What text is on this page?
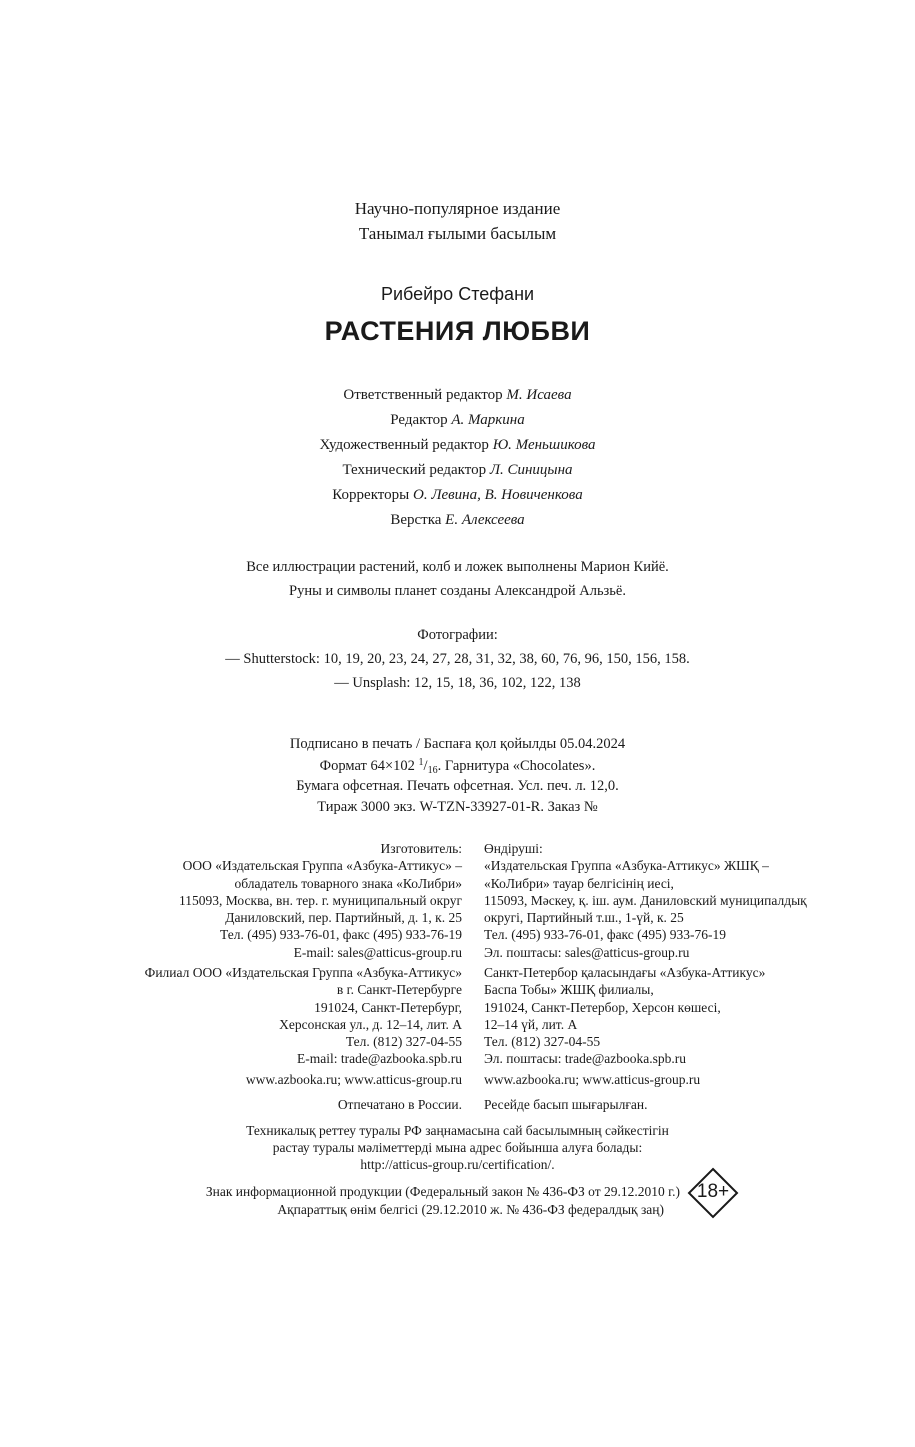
Научно-популярное издание
Танымал ғылыми басылым
Рибейро Стефани
РАСТЕНИЯ ЛЮБВИ
Ответственный редактор М. Исаева
Редактор А. Маркина
Художественный редактор Ю. Меньшикова
Технический редактор Л. Синицына
Корректоры О. Левина, В. Новиченкова
Верстка Е. Алексеева
Все иллюстрации растений, колб и ложек выполнены Марион Кийё.
Руны и символы планет созданы Александрой Альзьё.
Фотографии:
— Shutterstock: 10, 19, 20, 23, 24, 27, 28, 31, 32, 38, 60, 76, 96, 150, 156, 158.
— Unsplash: 12, 15, 18, 36, 102, 122, 138
Подписано в печать / Баспаға қол қойылды 05.04.2024
Формат 64×102 $^1/_{16}$. Гарнитура «Chocolates».
Бумага офсетная. Печать офсетная. Усл. печ. л. 12,0.
Тираж 3000 экз. W-TZN-33927-01-R. Заказ №
Изготовитель:
ООО «Издательская Группа «Азбука-Аттикус» –
обладатель товарного знака «КоЛибри»
115093, Москва, вн. тер. г. муниципальный округ
Даниловский, пер. Партийный, д. 1, к. 25
Тел. (495) 933-76-01, факс (495) 933-76-19
E-mail: sales@atticus-group.ru
Өндіруші:
«Издательская Группа «Азбука-Аттикус» ЖШҚ –
«КоЛибри» тауар белгісінің иесі,
115093, Мәскеу, қ. іш. аум. Даниловский муниципалдық
округі, Партийный т.ш., 1-үй, к. 25
Тел. (495) 933-76-01, факс (495) 933-76-19
Эл. поштасы: sales@atticus-group.ru
Филиал ООО «Издательская Группа «Азбука-Аттикус»
в г. Санкт-Петербурге
191024, Санкт-Петербург,
Херсонская ул., д. 12–14, лит. А
Тел. (812) 327-04-55
E-mail: trade@azbooka.spb.ru
Санкт-Петербор қаласындағы «Азбука-Аттикус»
Баспа Тобы» ЖШҚ филиалы,
191024, Санкт-Петербор, Херсон көшесі,
12–14 үй, лит. А
Тел. (812) 327-04-55
Эл. поштасы: trade@azbooka.spb.ru
www.azbooka.ru; www.atticus-group.ru www.azbooka.ru; www.atticus-group.ru
Отпечатано в России. Ресейде басып шығарылған.
Техникалық реттеу туралы РФ заңнамасына сай басылымның сәйкестігін
растау туралы мәліметтерді мына адрес бойынша алуға болады:
http://atticus-group.ru/certification/.
Знак информационной продукции (Федеральный закон № 436-ФЗ от 29.12.2010 г.)
Ақпараттық өнім белгісі (29.12.2010 ж. № 436-ФЗ федералдық заң)
18+
